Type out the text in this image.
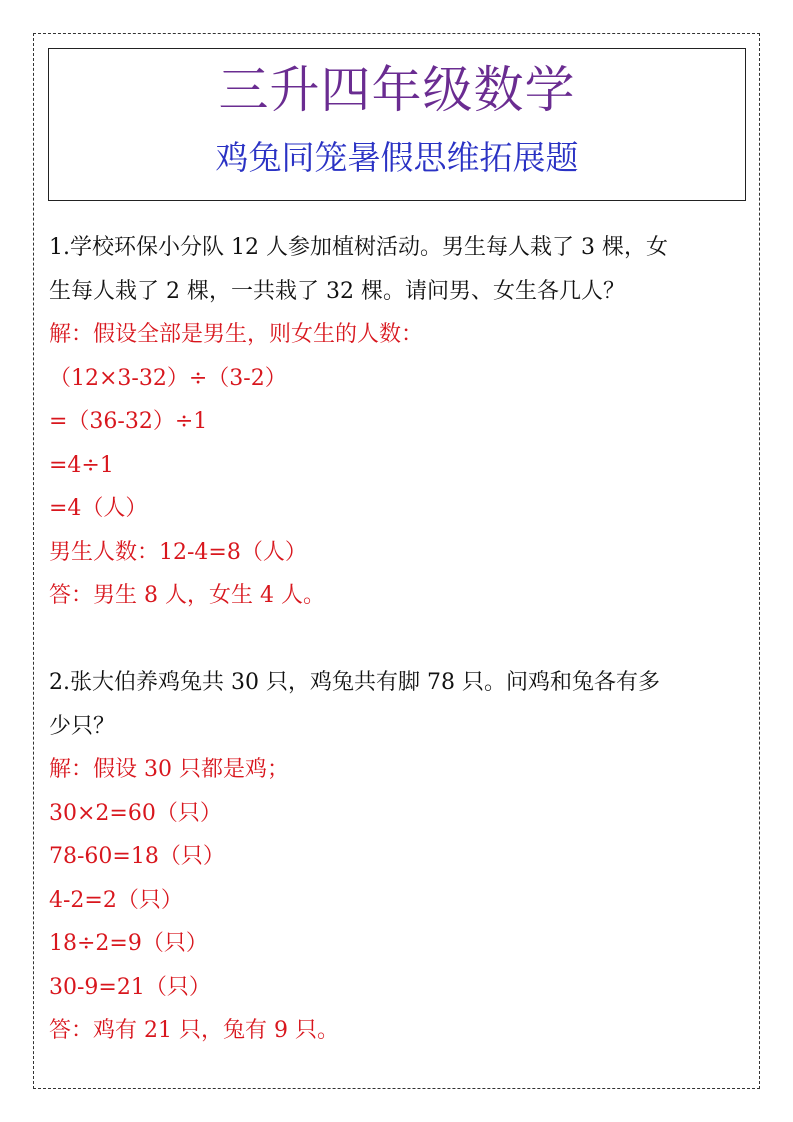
三升四年级数学
鸡兔同笼暑假思维拓展题
1.学校环保小分队 12 人参加植树活动。男生每人栽了 3 棵，女
生每人栽了 2 棵，一共栽了 32 棵。请问男、女生各几人？
解：假设全部是男生，则女生的人数：
（12×3-32）÷（3-2）
=（36-32）÷1
=4÷1
=4（人）
男生人数：12-4=8（人）
答：男生 8 人，女生 4 人。
2.张大伯养鸡兔共 30 只，鸡兔共有脚 78 只。问鸡和兔各有多
少只？
解：假设 30 只都是鸡；
30×2=60（只）
78-60=18（只）
4-2=2（只）
18÷2=9（只）
30-9=21（只）
答：鸡有 21 只，兔有 9 只。
